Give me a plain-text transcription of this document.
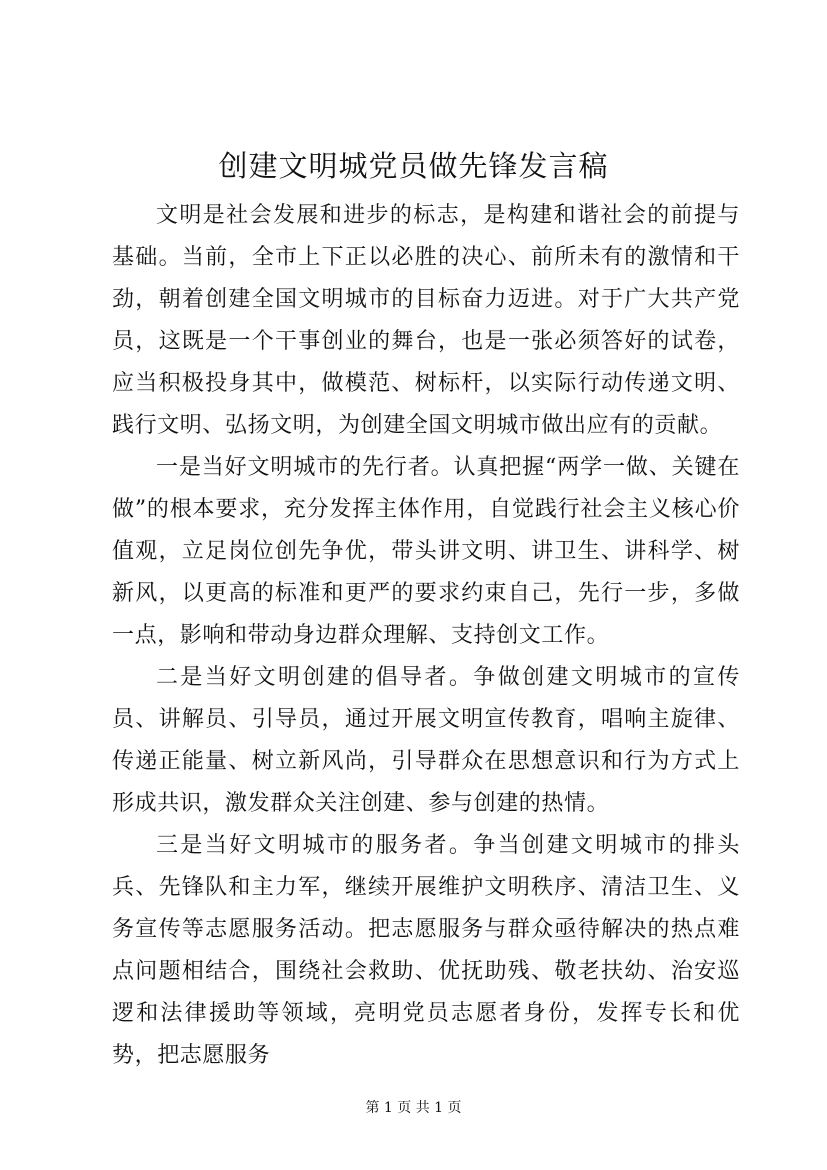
创建文明城党员做先锋发言稿

文明是社会发展和进步的标志，是构建和谐社会的前提与基础。当前，全市上下正以必胜的决心、前所未有的激情和干劲，朝着创建全国文明城市的目标奋力迈进。对于广大共产党员，这既是一个干事创业的舞台，也是一张必须答好的试卷，应当积极投身其中，做模范、树标杆，以实际行动传递文明、践行文明、弘扬文明，为创建全国文明城市做出应有的贡献。

一是当好文明城市的先行者。认真把握“两学一做、关键在做”的根本要求，充分发挥主体作用，自觉践行社会主义核心价值观，立足岗位创先争优，带头讲文明、讲卫生、讲科学、树新风，以更高的标准和更严的要求约束自己，先行一步，多做一点，影响和带动身边群众理解、支持创文工作。

二是当好文明创建的倡导者。争做创建文明城市的宣传员、讲解员、引导员，通过开展文明宣传教育，唱响主旋律、传递正能量、树立新风尚，引导群众在思想意识和行为方式上形成共识，激发群众关注创建、参与创建的热情。

三是当好文明城市的服务者。争当创建文明城市的排头兵、先锋队和主力军，继续开展维护文明秩序、清洁卫生、义务宣传等志愿服务活动。把志愿服务与群众亟待解决的热点难点问题相结合，围绕社会救助、优抚助残、敬老扶幼、治安巡逻和法律援助等领域，亮明党员志愿者身份，发挥专长和优势，把志愿服务

第 1 页 共 1 页
